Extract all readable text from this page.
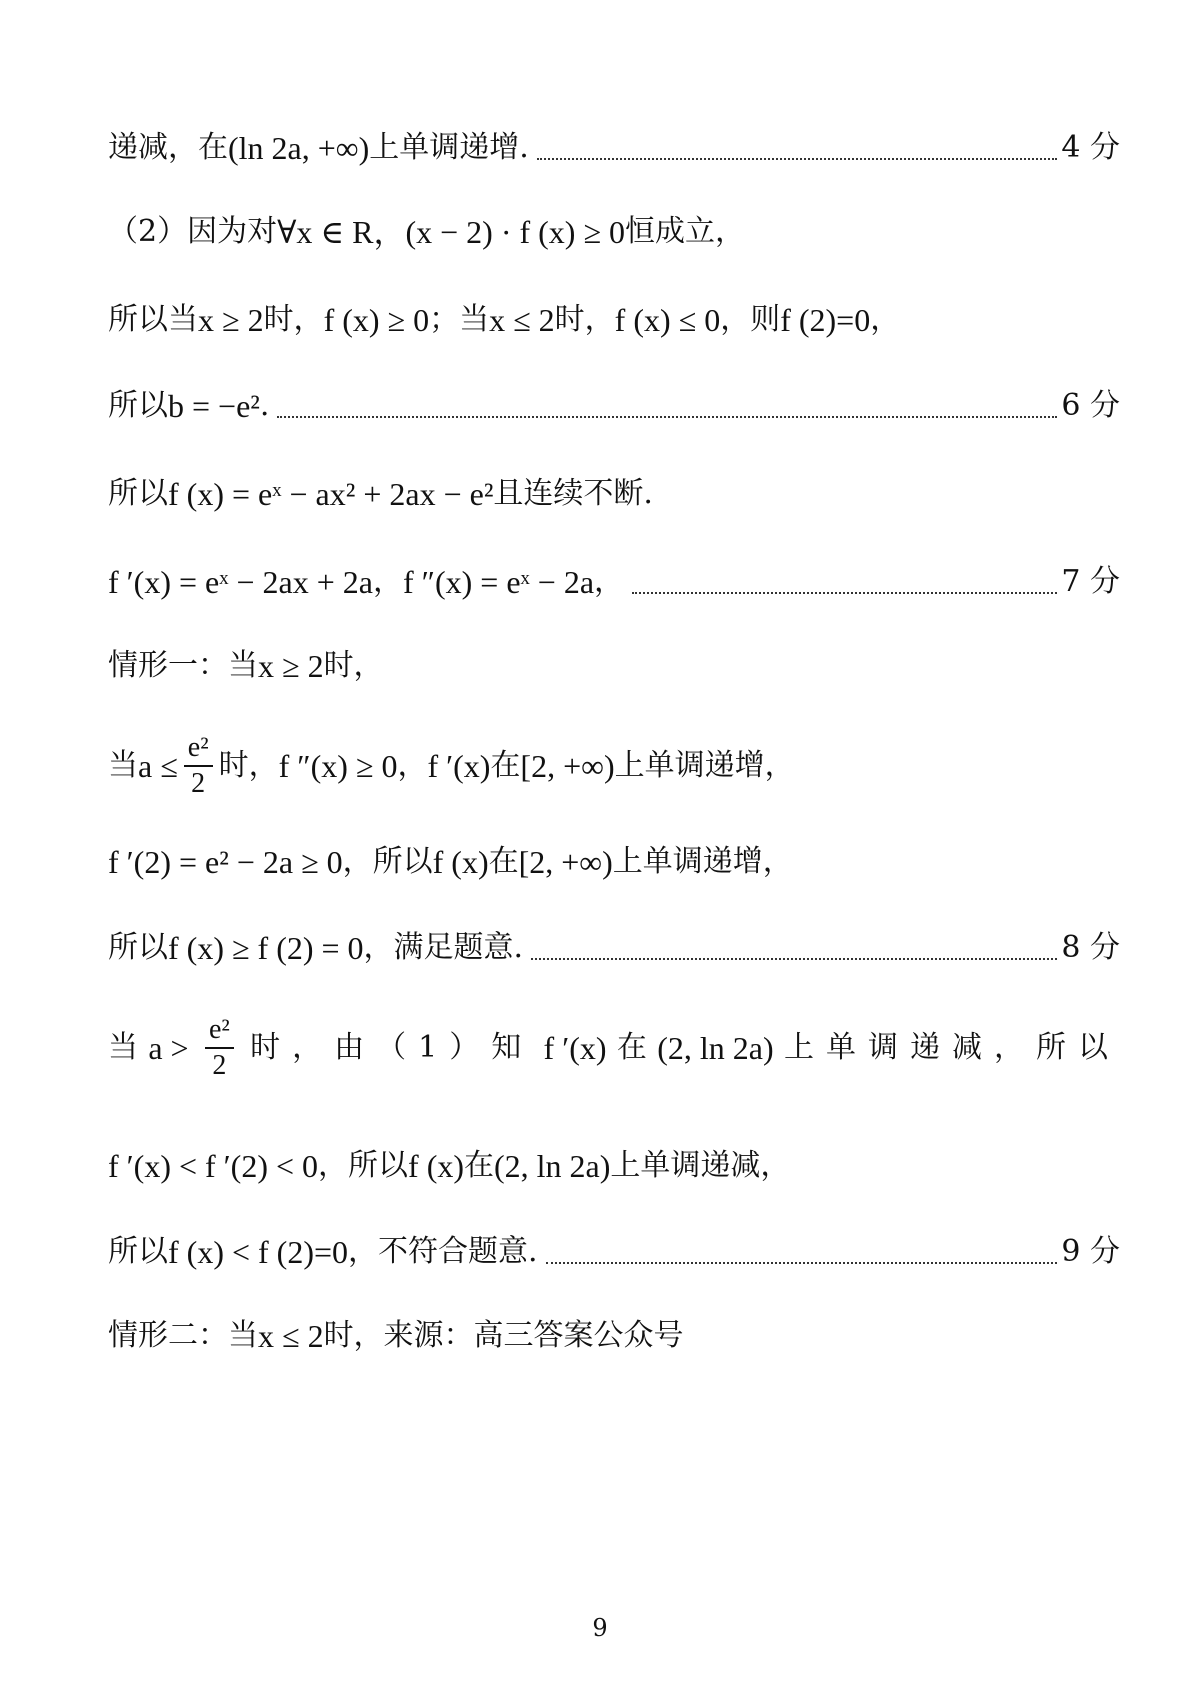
递减，在 (ln 2a, +∞) 上单调递增.	4 分
（2）因为对 ∀x ∈ R， (x − 2) · f (x) ≥ 0 恒成立，
所以当 x ≥ 2 时， f (x) ≥ 0 ；当 x ≤ 2 时， f (x) ≤ 0 ，则 f (2)=0 ，
所以 b = −e² .	6 分
所以 f (x) = eˣ − ax² + 2ax − e² 且连续不断.
f ′(x) = eˣ − 2ax + 2a ， f ″(x) = eˣ − 2a ，	7 分
情形一：当 x ≥ 2 时，
当 $a \le \frac{\text{e²}}{2}$ 时， f ″(x) ≥ 0 ， f ′(x) 在 [2, +∞) 上单调递增，
f ′(2) = e² − 2a ≥ 0 ，所以 f (x) 在 [2, +∞) 上单调递增，
所以 f (x) ≥ f (2) = 0 ，满足题意.	8 分
当 $a > \frac{\text{e²}}{2}$ 时，由（1）知 f ′(x) 在 (2, ln 2a) 上单调递减，所以
f ′(x) < f ′(2) < 0 ，所以 f (x) 在 (2, ln 2a) 上单调递减，
所以 f (x) < f (2)=0 ，不符合题意.	9 分
情形二：当 x ≤ 2 时，来源：高三答案公众号
9
